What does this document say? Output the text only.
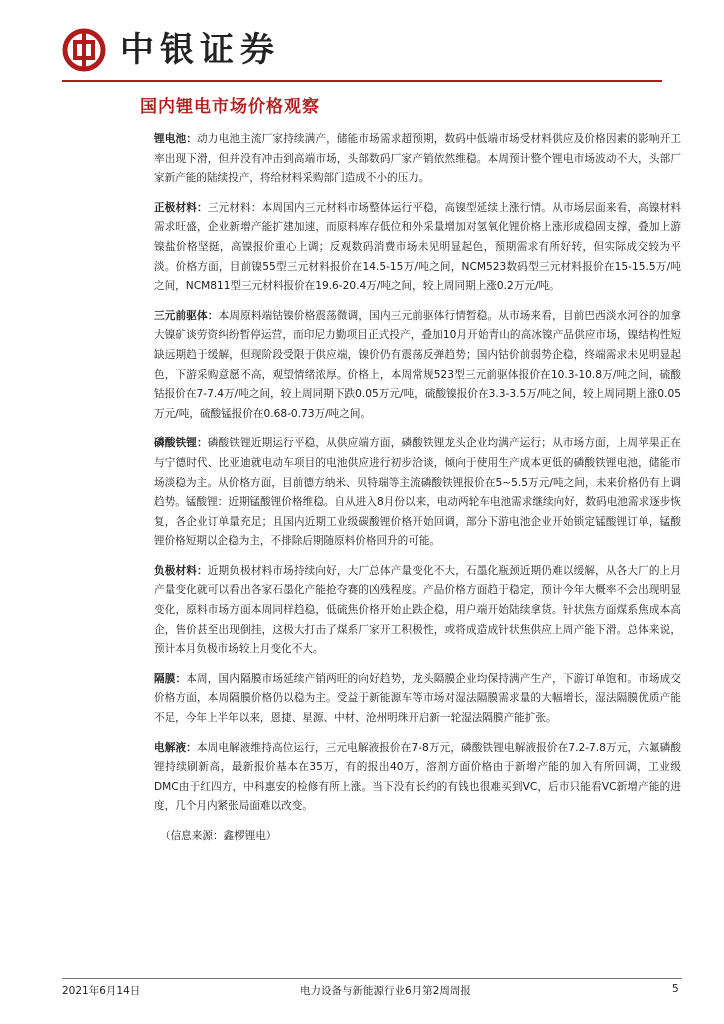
中银证券
国内锂电市场价格观察

锂电池：动力电池主流厂家持续满产，储能市场需求超预期，数码中低端市场受材料供应及价格因素的影响开工率出现下滑，但并没有冲击到高端市场，头部数码厂家产销依然维稳。本周预计整个锂电市场波动不大，头部厂家新产能的陆续投产，将给材料采购部门造成不小的压力。

正极材料：三元材料：本周国内三元材料市场整体运行平稳，高镍型延续上涨行情。从市场层面来看，高镍材料需求旺盛，企业新增产能扩建加速，而原料库存低位和外采量增加对氢氧化锂价格上涨形成稳固支撑，叠加上游镍盐价格坚挺，高镍报价重心上调；反观数码消费市场未见明显起色，预期需求有所好转，但实际成交较为平淡。价格方面，目前镍55型三元材料报价在14.5-15万/吨之间，NCM523数码型三元材料报价在15-15.5万/吨之间，NCM811型三元材料报价在19.6-20.4万/吨之间，较上周同期上涨0.2万元/吨。

三元前驱体：本周原料端钴镍价格震荡微调，国内三元前驱体行情暂稳。从市场来看，目前巴西淡水河谷的加拿大镍矿谈劳资纠纷暂停运营，而印尼力勤项目正式投产，叠加10月开始青山的高冰镍产品供应市场，镍结构性短缺远期趋于缓解，但现阶段受限于供应端，镍价仍有震荡反弹趋势；国内钴价前弱势企稳，终端需求未见明显起色，下游采购意愿不高，观望情绪浓厚。价格上，本周常规523型三元前驱体报价在10.3-10.8万/吨之间，硫酸钴报价在7-7.4万/吨之间，较上周同期下跌0.05万元/吨，硫酸镍报价在3.3-3.5万/吨之间，较上周同期上涨0.05万元/吨，硫酸锰报价在0.68-0.73万/吨之间。

磷酸铁锂：磷酸铁锂近期运行平稳，从供应端方面，磷酸铁锂龙头企业均满产运行；从市场方面，上周苹果正在与宁德时代、比亚迪就电动车项目的电池供应进行初步洽谈，倾向于使用生产成本更低的磷酸铁锂电池，储能市场淡稳为主。从价格方面，目前德方纳米、贝特瑞等主流磷酸铁锂报价在5~5.5万元/吨之间，未来价格仍有上调趋势。锰酸锂：近期锰酸锂价格维稳。自从进入8月份以来，电动两轮车电池需求继续向好，数码电池需求逐步恢复，各企业订单量充足；且国内近期工业级碳酸锂价格开始回调，部分下游电池企业开始锁定锰酸锂订单，锰酸锂价格短期以企稳为主，不排除后期随原料价格回升的可能。

负极材料：近期负极材料市场持续向好，大厂总体产量变化不大，石墨化瓶颈近期仍难以缓解，从各大厂的上月产量变化就可以看出各家石墨化产能抢夺赛的凶残程度。产品价格方面趋于稳定，预计今年大概率不会出现明显变化，原料市场方面本周同样趋稳，低硫焦价格开始止跌企稳，用户端开始陆续拿货。针状焦方面煤系焦成本高企，售价甚至出现倒挂，这极大打击了煤系厂家开工积极性，或将成造成针状焦供应上周产能下滑。总体来说，预计本月负极市场较上月变化不大。

隔膜：本周，国内隔膜市场延续产销两旺的向好趋势，龙头隔膜企业均保持满产生产，下游订单饱和。市场成交价格方面，本周隔膜价格仍以稳为主。受益于新能源车等市场对湿法隔膜需求量的大幅增长，湿法隔膜优质产能不足，今年上半年以来，恩捷、星源、中材、沧州明珠开启新一轮湿法隔膜产能扩张。

电解液：本周电解液维持高位运行，三元电解液报价在7-8万元，磷酸铁锂电解液报价在7.2-7.8万元，六氟磷酸锂持续刷新高，最新报价基本在35万，有的报出40万，溶剂方面价格由于新增产能的加入有所回调，工业级DMC由于红四方，中科惠安的检修有所上涨。当下没有长约的有钱也很难买到VC，后市只能看VC新增产能的进度，几个月内紧张局面难以改变。

（信息来源：鑫椤锂电）
2021年6月14日	电力设备与新能源行业6月第2周周报	5
